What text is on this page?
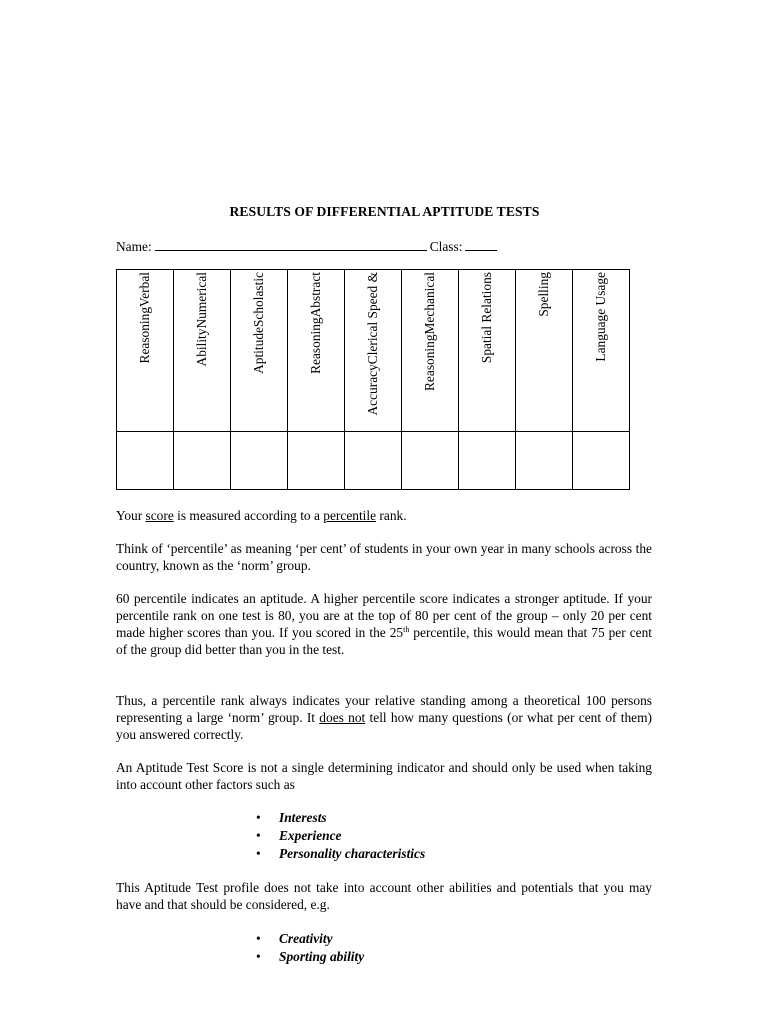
RESULTS OF DIFFERENTIAL APTITUDE TESTS
Name:	Class:
ReasoningVerbal	AbilityNumerical	AptitudeScholastic	ReasoningAbstract	AccuracyClerical Speed &	ReasoningMechanical	Spatial Relations	Spelling	Language Usage

Your score is measured according to a percentile rank.

Think of ‘percentile’ as meaning ‘per cent’ of students in your own year in many schools across the country, known as the ‘norm’ group.

60 percentile indicates an aptitude. A higher percentile score indicates a stronger aptitude. If your percentile rank on one test is 80, you are at the top of 80 per cent of the group – only 20 per cent made higher scores than you. If you scored in the 25th percentile, this would mean that 75 per cent of the group did better than you in the test.

Thus, a percentile rank always indicates your relative standing among a theoretical 100 persons representing a large ‘norm’ group. It does not tell how many questions (or what per cent of them) you answered correctly.

An Aptitude Test Score is not a single determining indicator and should only be used when taking into account other factors such as

• Interests
• Experience
• Personality characteristics

This Aptitude Test profile does not take into account other abilities and potentials that you may have and that should be considered, e.g.

• Creativity
• Sporting ability
